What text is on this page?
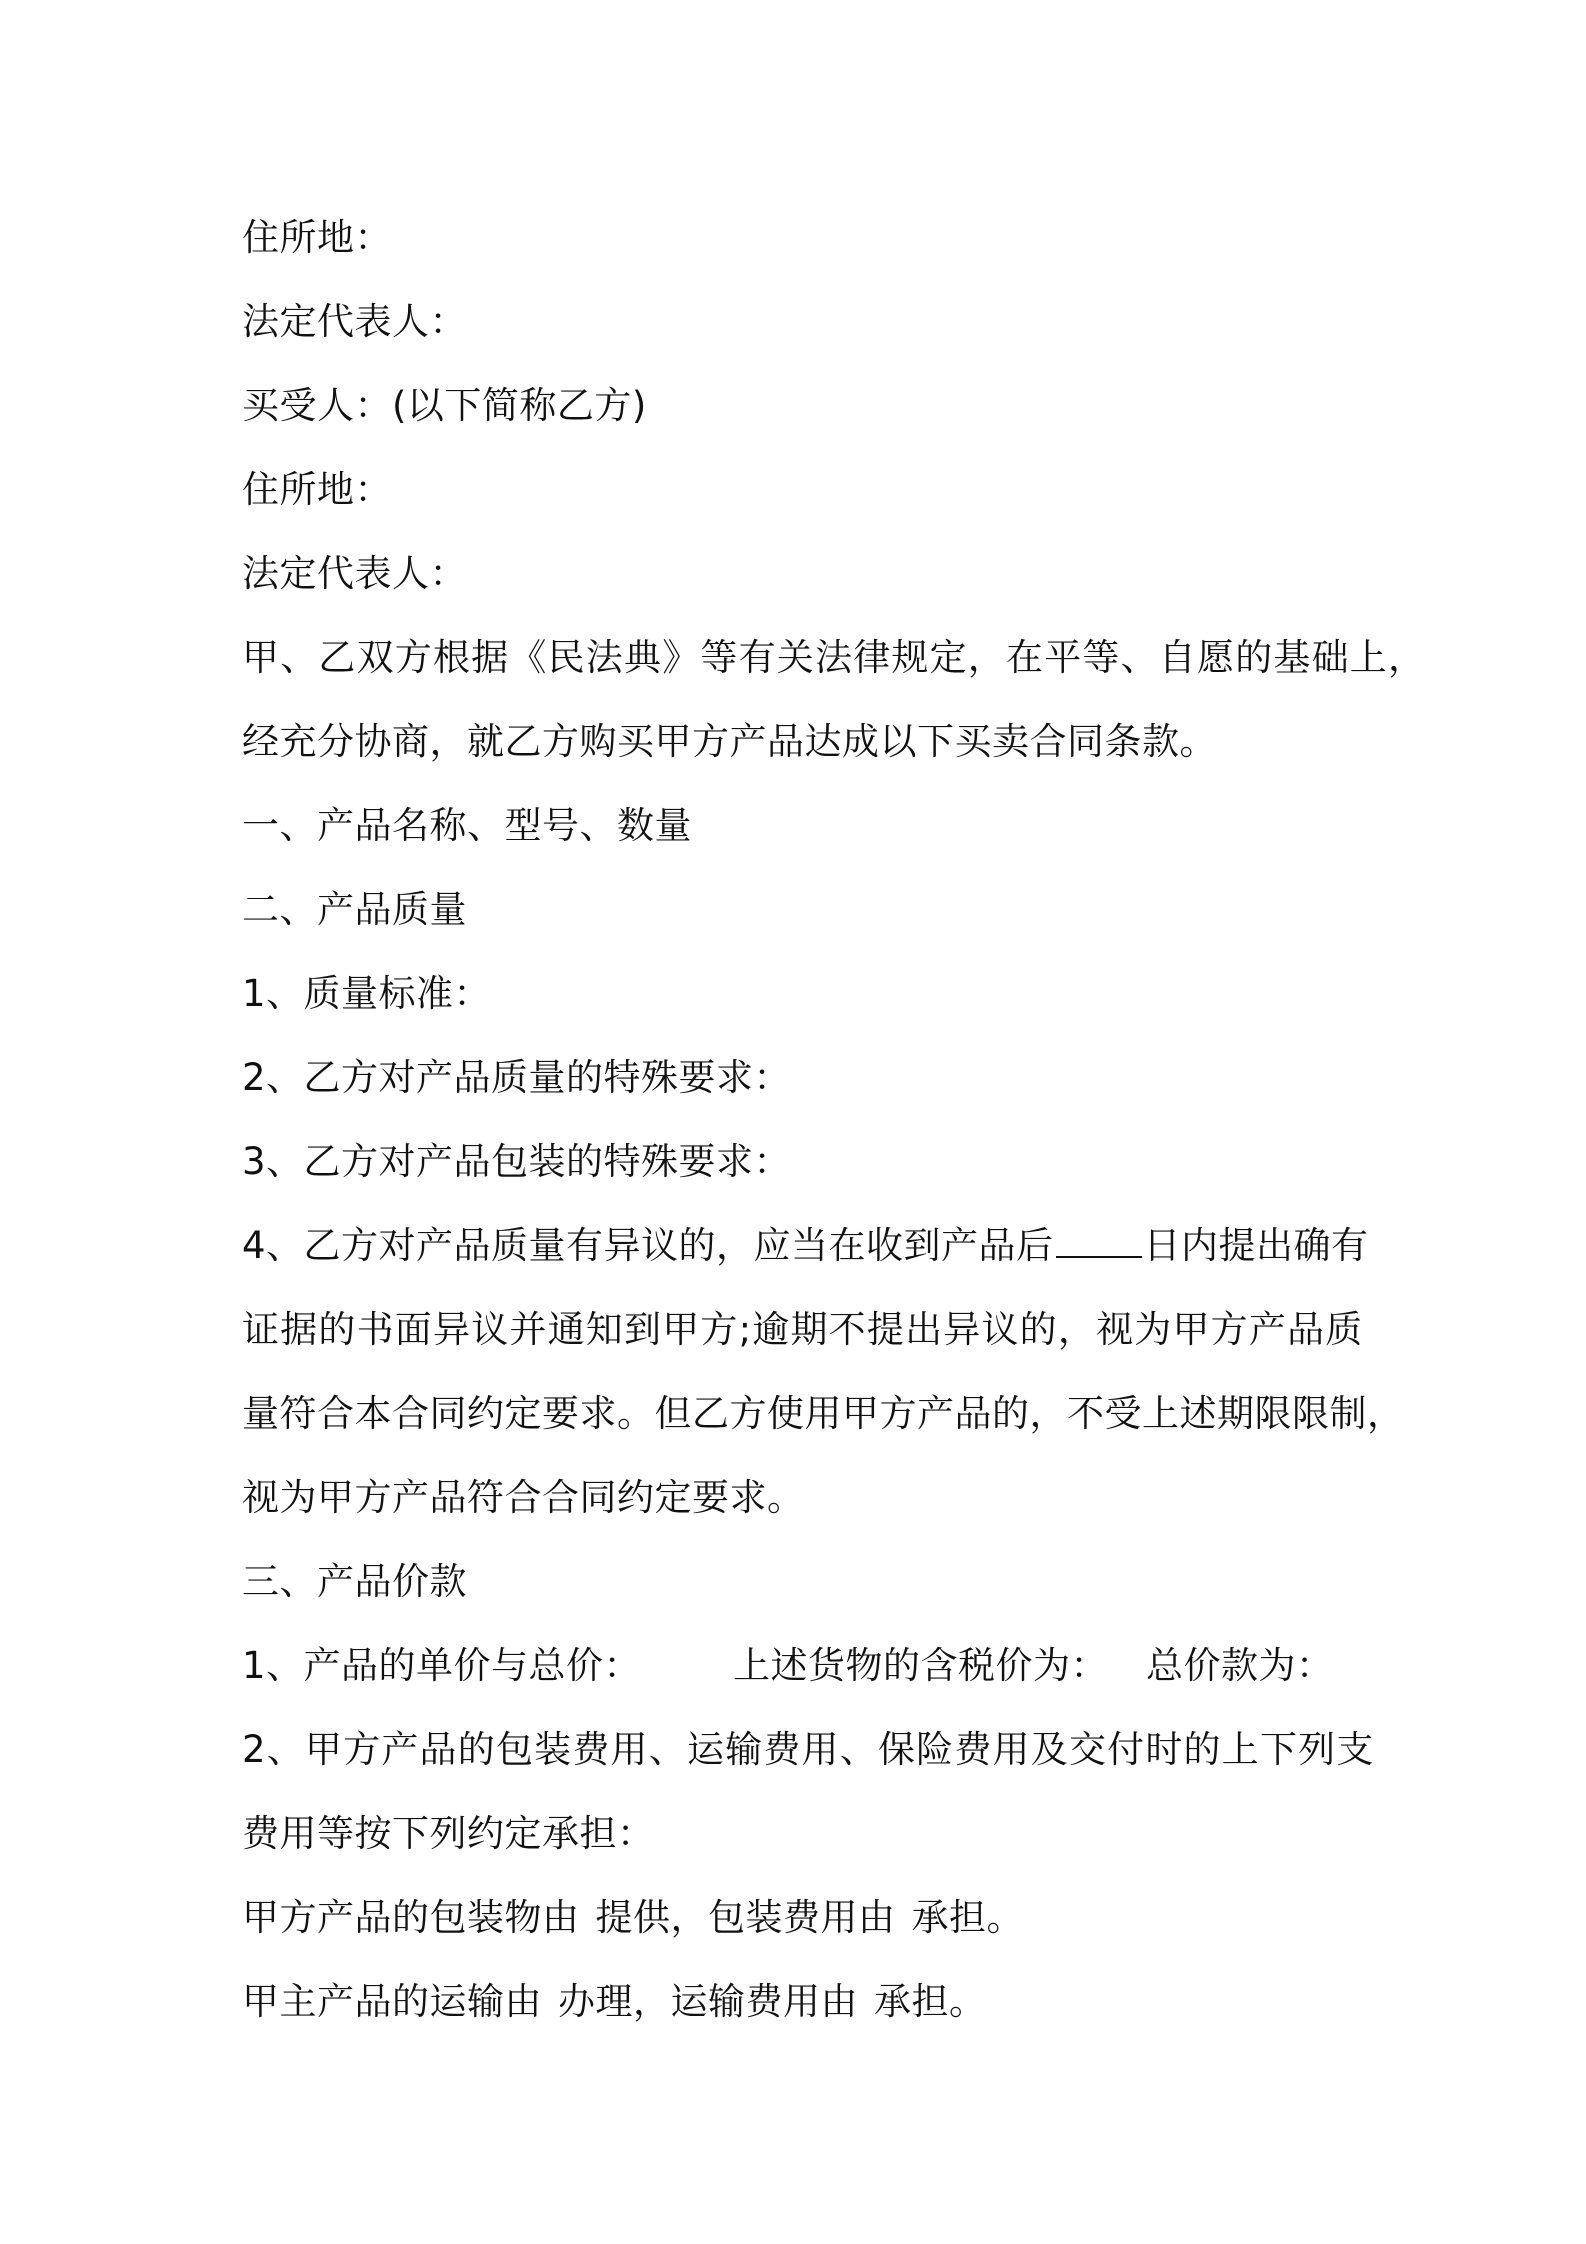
住所地：
法定代表人：
买受人：(以下简称乙方)
住所地：
法定代表人：
甲、乙双方根据《民法典》等有关法律规定，在平等、自愿的基础上，
经充分协商，就乙方购买甲方产品达成以下买卖合同条款。
一、产品名称、型号、数量
二、产品质量
1、质量标准：
2、乙方对产品质量的特殊要求：
3、乙方对产品包装的特殊要求：
4、乙方对产品质量有异议的，应当在收到产品后 日内提出确有
证据的书面异议并通知到甲方;逾期不提出异议的，视为甲方产品质
量符合本合同约定要求。但乙方使用甲方产品的，不受上述期限限制，
视为甲方产品符合合同约定要求。
三、产品价款
1、产品的单价与总价： 上述货物的含税价为： 总价款为：
2、甲方产品的包装费用、运输费用、保险费用及交付时的上下列支
费用等按下列约定承担：
甲方产品的包装物由 提供，包装费用由 承担。
甲主产品的运输由 办理，运输费用由 承担。
